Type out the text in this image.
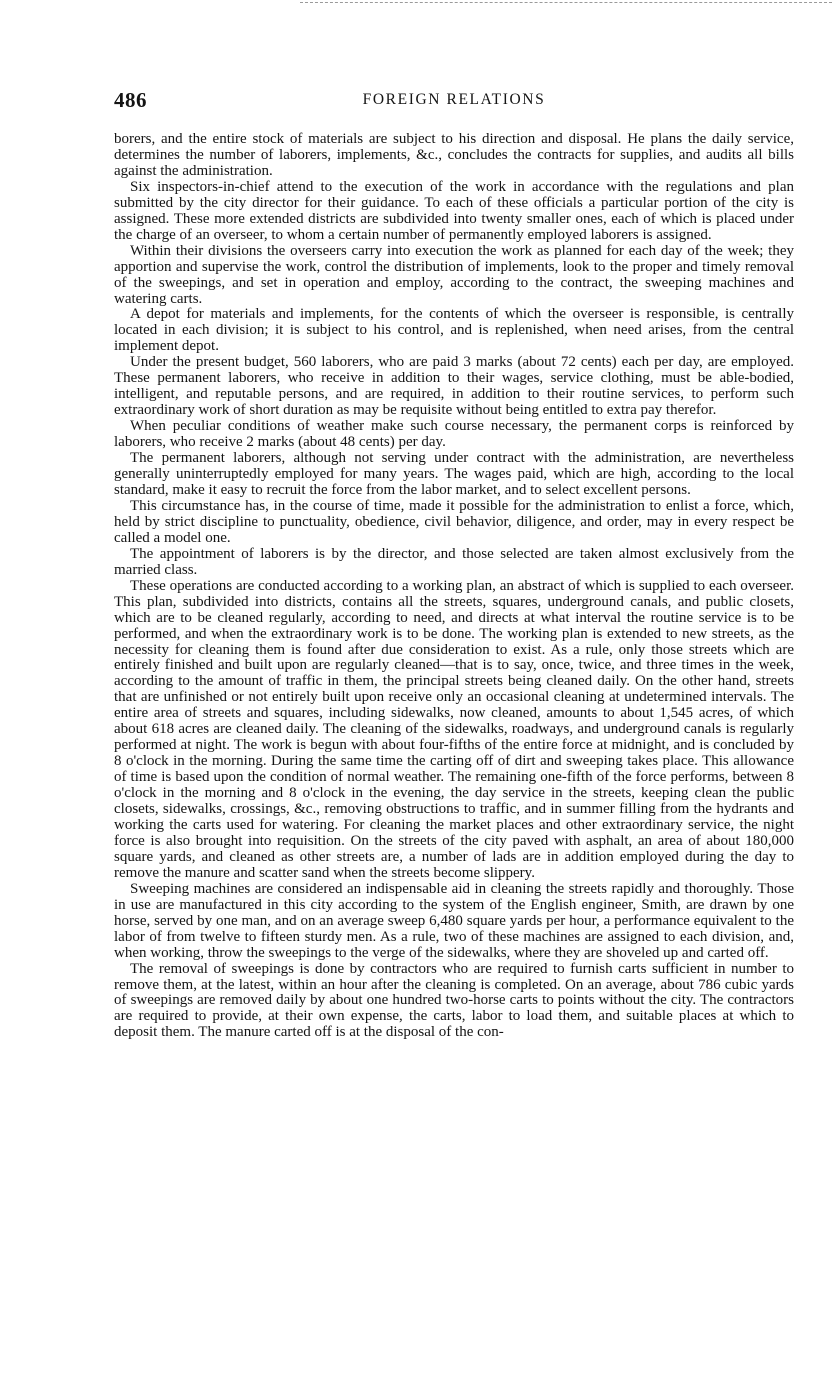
486	FOREIGN RELATIONS

borers, and the entire stock of materials are subject to his direction and disposal. He plans the daily service, determines the number of laborers, implements, &c., concludes the contracts for supplies, and audits all bills against the administration.

Six inspectors-in-chief attend to the execution of the work in accordance with the regulations and plan submitted by the city director for their guidance. To each of these officials a particular portion of the city is assigned. These more extended districts are subdivided into twenty smaller ones, each of which is placed under the charge of an overseer, to whom a certain number of permanently employed laborers is assigned.

Within their divisions the overseers carry into execution the work as planned for each day of the week; they apportion and supervise the work, control the distribution of implements, look to the proper and timely removal of the sweepings, and set in operation and employ, according to the contract, the sweeping machines and watering carts.

A depot for materials and implements, for the contents of which the overseer is responsible, is centrally located in each division; it is subject to his control, and is replenished, when need arises, from the central implement depot.

Under the present budget, 560 laborers, who are paid 3 marks (about 72 cents) each per day, are employed. These permanent laborers, who receive in addition to their wages, service clothing, must be able-bodied, intelligent, and reputable persons, and are required, in addition to their routine services, to perform such extraordinary work of short duration as may be requisite without being entitled to extra pay therefor.

When peculiar conditions of weather make such course necessary, the permanent corps is reinforced by laborers, who receive 2 marks (about 48 cents) per day.

The permanent laborers, although not serving under contract with the administration, are nevertheless generally uninterruptedly employed for many years. The wages paid, which are high, according to the local standard, make it easy to recruit the force from the labor market, and to select excellent persons.

This circumstance has, in the course of time, made it possible for the administration to enlist a force, which, held by strict discipline to punctuality, obedience, civil behavior, diligence, and order, may in every respect be called a model one.

The appointment of laborers is by the director, and those selected are taken almost exclusively from the married class.

These operations are conducted according to a working plan, an abstract of which is supplied to each overseer. This plan, subdivided into districts, contains all the streets, squares, underground canals, and public closets, which are to be cleaned regularly, according to need, and directs at what interval the routine service is to be performed, and when the extraordinary work is to be done. The working plan is extended to new streets, as the necessity for cleaning them is found after due consideration to exist. As a rule, only those streets which are entirely finished and built upon are regularly cleaned—that is to say, once, twice, and three times in the week, according to the amount of traffic in them, the principal streets being cleaned daily. On the other hand, streets that are unfinished or not entirely built upon receive only an occasional cleaning at undetermined intervals. The entire area of streets and squares, including sidewalks, now cleaned, amounts to about 1,545 acres, of which about 618 acres are cleaned daily. The cleaning of the sidewalks, roadways, and underground canals is regularly performed at night. The work is begun with about four-fifths of the entire force at midnight, and is concluded by 8 o'clock in the morning. During the same time the carting off of dirt and sweeping takes place. This allowance of time is based upon the condition of normal weather. The remaining one-fifth of the force performs, between 8 o'clock in the morning and 8 o'clock in the evening, the day service in the streets, keeping clean the public closets, sidewalks, crossings, &c., removing obstructions to traffic, and in summer filling from the hydrants and working the carts used for watering. For cleaning the market places and other extraordinary service, the night force is also brought into requisition. On the streets of the city paved with asphalt, an area of about 180,000 square yards, and cleaned as other streets are, a number of lads are in addition employed during the day to remove the manure and scatter sand when the streets become slippery.

Sweeping machines are considered an indispensable aid in cleaning the streets rapidly and thoroughly. Those in use are manufactured in this city according to the system of the English engineer, Smith, are drawn by one horse, served by one man, and on an average sweep 6,480 square yards per hour, a performance equivalent to the labor of from twelve to fifteen sturdy men. As a rule, two of these machines are assigned to each division, and, when working, throw the sweepings to the verge of the sidewalks, where they are shoveled up and carted off.

The removal of sweepings is done by contractors who are required to furnish carts sufficient in number to remove them, at the latest, within an hour after the cleaning is completed. On an average, about 786 cubic yards of sweepings are removed daily by about one hundred two-horse carts to points without the city. The contractors are required to provide, at their own expense, the carts, labor to load them, and suitable places at which to deposit them. The manure carted off is at the disposal of the con-
